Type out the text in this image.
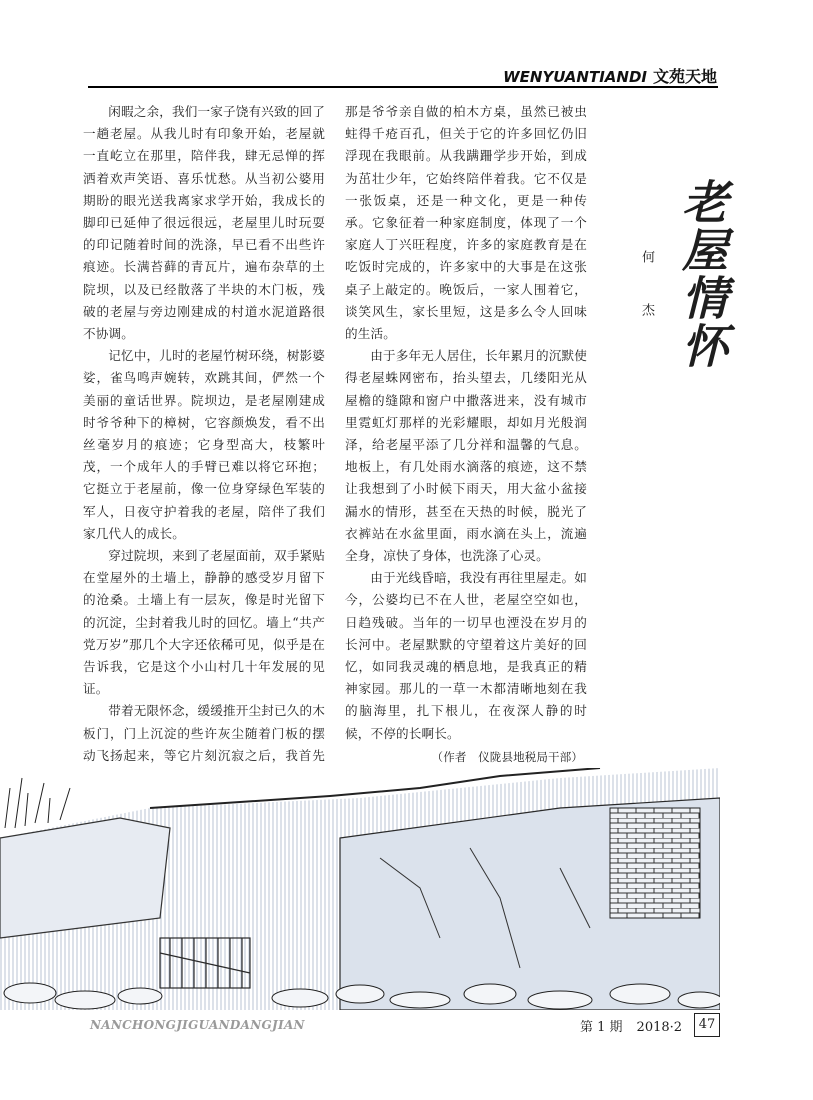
WENYUANTIANDI 文苑天地

闲暇之余，我们一家子饶有兴致的回了一趟老屋。从我儿时有印象开始，老屋就一直屹立在那里，陪伴我，肆无忌惮的挥洒着欢声笑语、喜乐忧愁。从当初公婆用期盼的眼光送我离家求学开始，我成长的脚印已延伸了很远很远，老屋里儿时玩耍的印记随着时间的洗涤，早已看不出些许痕迹。长满苔藓的青瓦片，遍布杂草的土院坝，以及已经散落了半块的木门板，残破的老屋与旁边刚建成的村道水泥道路很不协调。

记忆中，儿时的老屋竹树环绕，树影婆娑，雀鸟鸣声婉转，欢跳其间，俨然一个美丽的童话世界。院坝边，是老屋刚建成时爷爷种下的樟树，它容颜焕发，看不出丝毫岁月的痕迹；它身型高大，枝繁叶茂，一个成年人的手臂已难以将它环抱；它挺立于老屋前，像一位身穿绿色军装的军人，日夜守护着我的老屋，陪伴了我们家几代人的成长。

穿过院坝，来到了老屋面前，双手紧贴在堂屋外的土墙上，静静的感受岁月留下的沧桑。土墙上有一层灰，像是时光留下的沉淀，尘封着我儿时的回忆。墙上“共产党万岁”那几个大字还依稀可见，似乎是在告诉我，它是这个小山村几十年发展的见证。

带着无限怀念，缓缓推开尘封已久的木板门，门上沉淀的些许灰尘随着门板的摆动飞扬起来，等它片刻沉寂之后，我首先

那是爷爷亲自做的柏木方桌，虽然已被虫蛀得千疮百孔，但关于它的许多回忆仍旧浮现在我眼前。从我蹒跚学步开始，到成为茁壮少年，它始终陪伴着我。它不仅是一张饭桌，还是一种文化，更是一种传承。它象征着一种家庭制度，体现了一个家庭人丁兴旺程度，许多的家庭教育是在吃饭时完成的，许多家中的大事是在这张桌子上敲定的。晚饭后，一家人围着它，谈笑风生，家长里短，这是多么令人回味的生活。

由于多年无人居住，长年累月的沉默使得老屋蛛网密布，抬头望去，几缕阳光从屋檐的缝隙和窗户中撒落进来，没有城市里霓虹灯那样的光彩耀眼，却如月光般润泽，给老屋平添了几分祥和温馨的气息。地板上，有几处雨水滴落的痕迹，这不禁让我想到了小时候下雨天，用大盆小盆接漏水的情形，甚至在天热的时候，脱光了衣裤站在水盆里面，雨水滴在头上，流遍全身，凉快了身体，也洗涤了心灵。

由于光线昏暗，我没有再往里屋走。如今，公婆均已不在人世，老屋空空如也，日趋残破。当年的一切早也湮没在岁月的长河中。老屋默默的守望着这片美好的回忆，如同我灵魂的栖息地，是我真正的精神家园。那儿的一草一木都清晰地刻在我的脑海里，扎下根儿，在夜深人静的时候，不停的长啊长。

（作者　仪陇县地税局干部）

何 杰 老屋情怀
NANCHONGJIGUANDANGJIAN	第 1 期 2018·2	47
